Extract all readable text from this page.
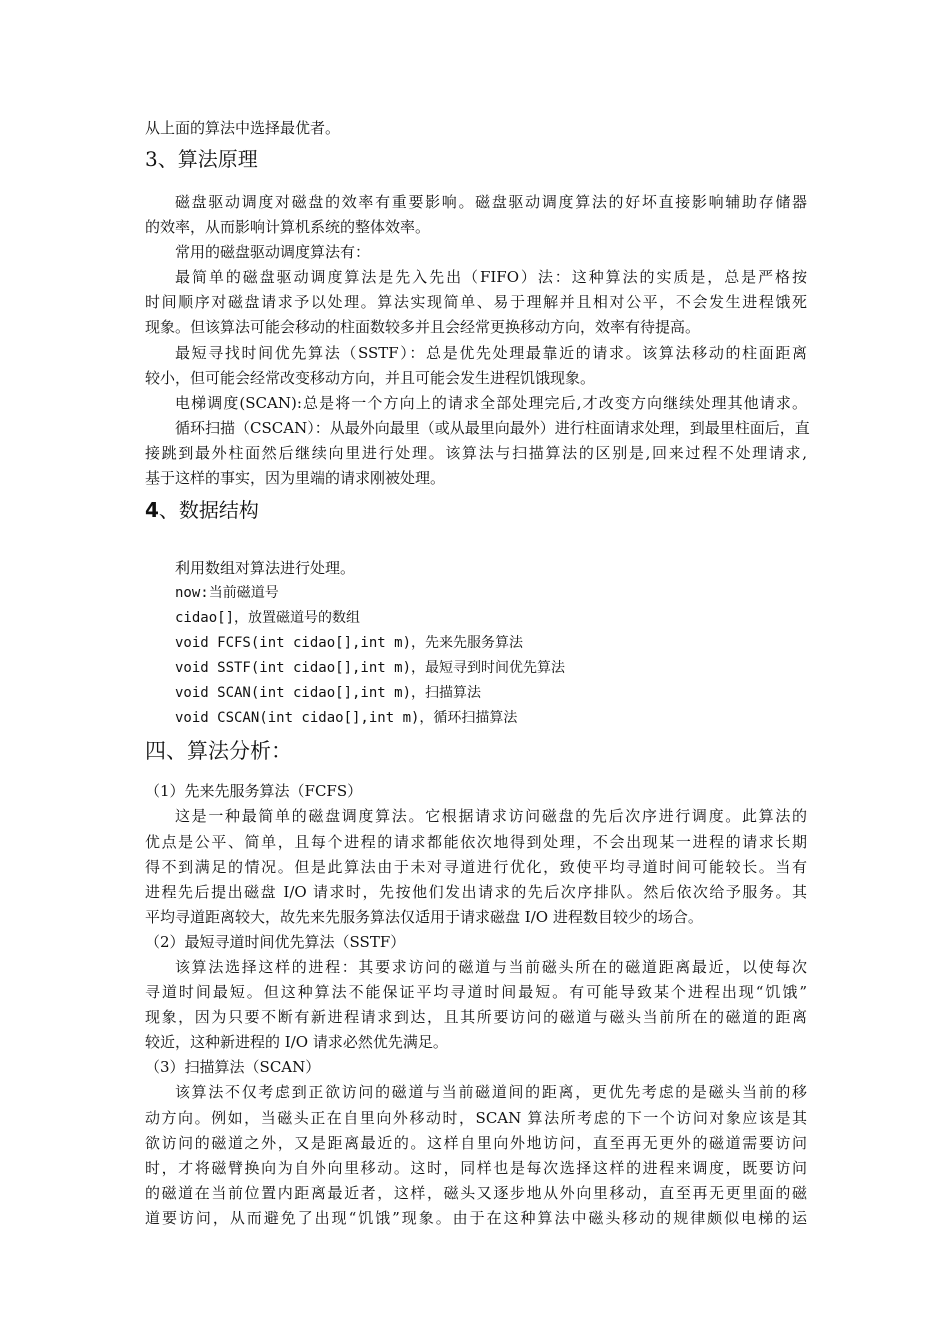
从上面的算法中选择最优者。
3、算法原理
磁盘驱动调度对磁盘的效率有重要影响。磁盘驱动调度算法的好坏直接影响辅助存储器
的效率，从而影响计算机系统的整体效率。
常用的磁盘驱动调度算法有：
最简单的磁盘驱动调度算法是先入先出（FIFO）法：这种算法的实质是，总是严格按
时间顺序对磁盘请求予以处理。算法实现简单、易于理解并且相对公平，不会发生进程饿死
现象。但该算法可能会移动的柱面数较多并且会经常更换移动方向，效率有待提高。
最短寻找时间优先算法（SSTF）：总是优先处理最靠近的请求。该算法移动的柱面距离
较小，但可能会经常改变移动方向，并且可能会发生进程饥饿现象。
电梯调度(SCAN):总是将一个方向上的请求全部处理完后,才改变方向继续处理其他请求。
循环扫描（CSCAN）：从最外向最里（或从最里向最外）进行柱面请求处理，到最里柱面后，直
接跳到最外柱面然后继续向里进行处理。该算法与扫描算法的区别是,回来过程不处理请求,
基于这样的事实，因为里端的请求刚被处理。
4、数据结构
利用数组对算法进行处理。
now:当前磁道号
cidao[]，放置磁道号的数组
void FCFS(int cidao[],int m)，先来先服务算法
void SSTF(int cidao[],int m)，最短寻到时间优先算法
void SCAN(int cidao[],int m)，扫描算法
void CSCAN(int cidao[],int m)，循环扫描算法
四、算法分析：
（1）先来先服务算法（FCFS）
这是一种最简单的磁盘调度算法。它根据请求访问磁盘的先后次序进行调度。此算法的
优点是公平、简单，且每个进程的请求都能依次地得到处理，不会出现某一进程的请求长期
得不到满足的情况。但是此算法由于未对寻道进行优化，致使平均寻道时间可能较长。当有
进程先后提出磁盘 I/O 请求时，先按他们发出请求的先后次序排队。然后依次给予服务。其
平均寻道距离较大，故先来先服务算法仅适用于请求磁盘 I/O 进程数目较少的场合。
（2）最短寻道时间优先算法（SSTF）
该算法选择这样的进程：其要求访问的磁道与当前磁头所在的磁道距离最近，以使每次
寻道时间最短。但这种算法不能保证平均寻道时间最短。有可能导致某个进程出现“饥饿”
现象，因为只要不断有新进程请求到达，且其所要访问的磁道与磁头当前所在的磁道的距离
较近，这种新进程的 I/O 请求必然优先满足。
（3）扫描算法（SCAN）
该算法不仅考虑到正欲访问的磁道与当前磁道间的距离，更优先考虑的是磁头当前的移
动方向。例如，当磁头正在自里向外移动时，SCAN 算法所考虑的下一个访问对象应该是其
欲访问的磁道之外，又是距离最近的。这样自里向外地访问，直至再无更外的磁道需要访问
时，才将磁臂换向为自外向里移动。这时，同样也是每次选择这样的进程来调度，既要访问
的磁道在当前位置内距离最近者，这样，磁头又逐步地从外向里移动，直至再无更里面的磁
道要访问，从而避免了出现“饥饿”现象。由于在这种算法中磁头移动的规律颇似电梯的运
